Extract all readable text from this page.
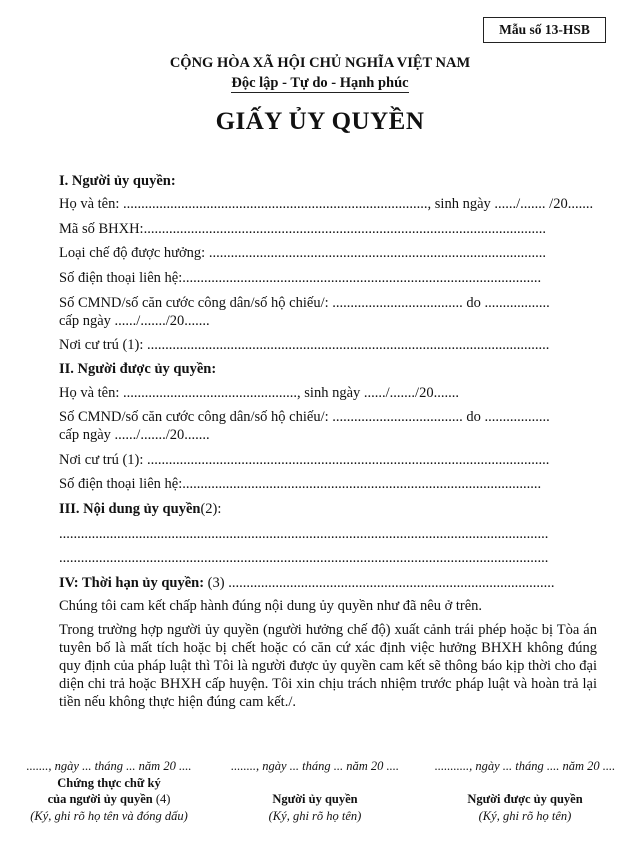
Mẫu số 13-HSB
CỘNG HÒA XÃ HỘI CHỦ NGHĨA VIỆT NAM
Độc lập - Tự do - Hạnh phúc
GIẤY ỦY QUYỀN
I. Người ủy quyền:
Họ và tên: ...................................................................................., sinh ngày ....../....... /20.......
Mã số BHXH:...............................................................................................................
Loại chế độ được hưởng: .............................................................................................
Số điện thoại liên hệ:...................................................................................................
Số CMND/số căn cước công dân/số hộ chiếu/: .................................... do ..................
cấp ngày ....../......./20.......
Nơi cư trú (1): ...............................................................................................................
II. Người được ủy quyền:
Họ và tên: ................................................, sinh ngày ....../......./20.......
Số CMND/số căn cước công dân/số hộ chiếu/: .................................... do ..................
cấp ngày ....../......./20.......
Nơi cư trú (1): ...............................................................................................................
Số điện thoại liên hệ:...................................................................................................
III. Nội dung ủy quyền(2):
.......................................................................................................................................
.......................................................................................................................................
IV: Thời hạn ủy quyền: (3) ..........................................................................................
Chúng tôi cam kết chấp hành đúng nội dung ủy quyền như đã nêu ở trên.
Trong trường hợp người ủy quyền (người hưởng chế độ) xuất cảnh trái phép hoặc bị Tòa án tuyên bố là mất tích hoặc bị chết hoặc có căn cứ xác định việc hưởng BHXH không đúng quy định của pháp luật thì Tôi là người được ủy quyền cam kết sẽ thông báo kịp thời cho đại diện chi trả hoặc BHXH cấp huyện. Tôi xin chịu trách nhiệm trước pháp luật và hoàn trả lại tiền nếu không thực hiện đúng cam kết./.
......., ngày ... tháng ... năm 20 ....
Chứng thực chữ ký
của người ủy quyền (4)
(Ký, ghi rõ họ tên và đóng dấu)
........, ngày ... tháng ... năm 20 ....
Người ủy quyền
(Ký, ghi rõ họ tên)
..........., ngày ... tháng .... năm 20 ....
Người được ủy quyền
(Ký, ghi rõ họ tên)
